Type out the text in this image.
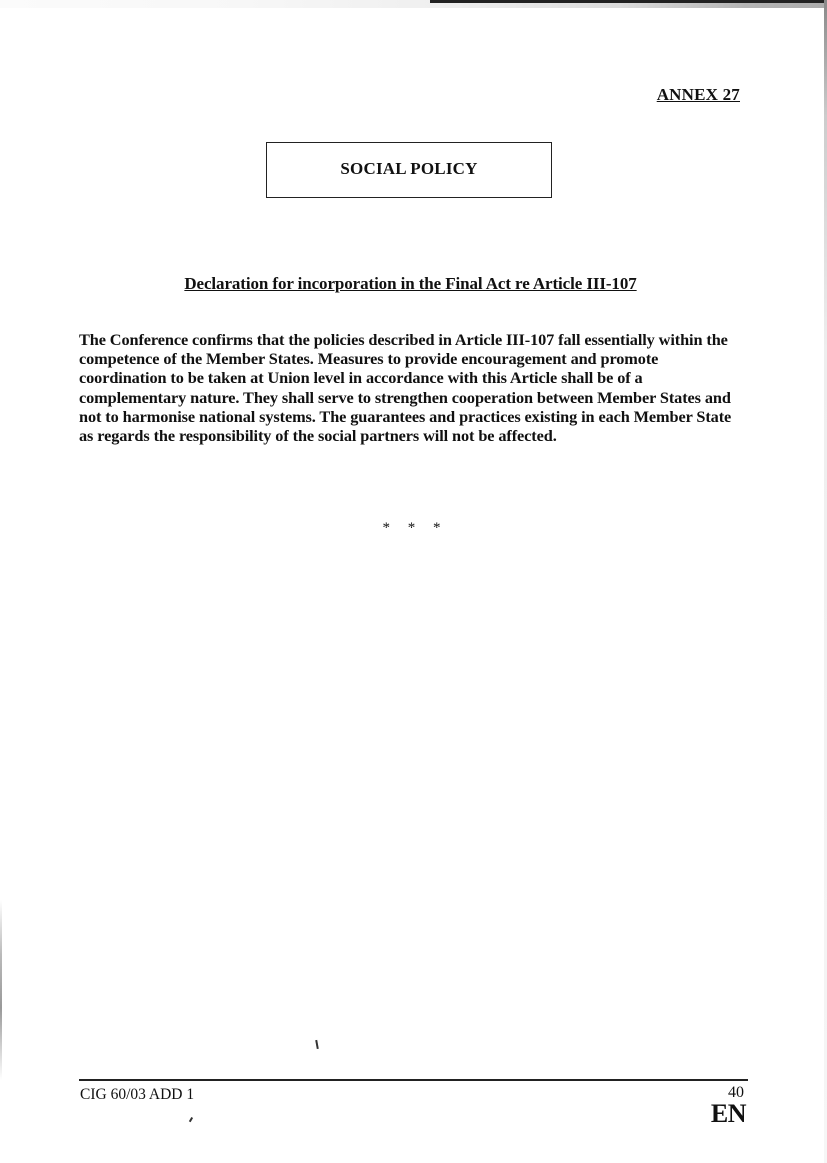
ANNEX 27
SOCIAL POLICY
Declaration for incorporation in the Final Act re Article III-107
The Conference confirms that the policies described in Article III-107 fall essentially within the competence of the Member States. Measures to provide encouragement and promote coordination to be taken at Union level in accordance with this Article shall be of a complementary nature. They shall serve to strengthen cooperation between Member States and not to harmonise national systems. The guarantees and practices existing in each Member State as regards the responsibility of the social partners will not be affected.
* * *
CIG 60/03 ADD 1	40
EN
